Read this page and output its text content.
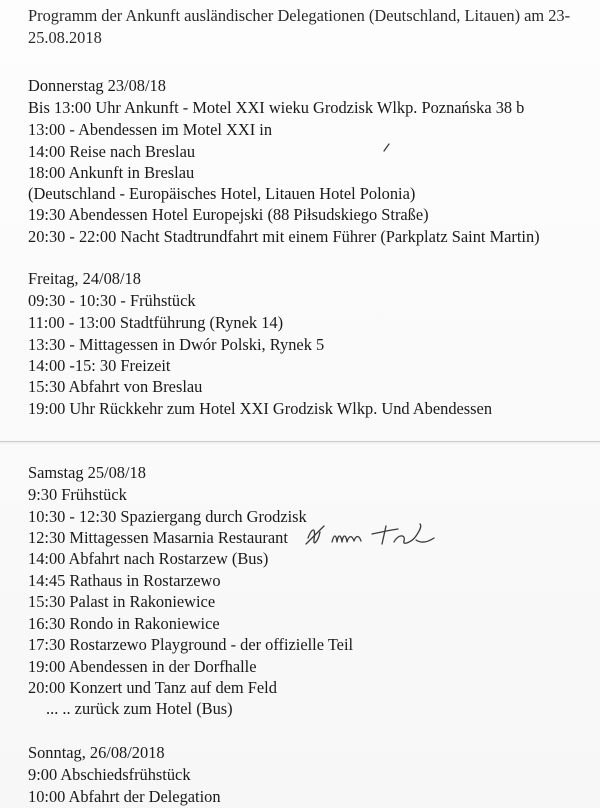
Programm der Ankunft ausländischer Delegationen (Deutschland, Litauen) am 23-25.08.2018
Donnerstag 23/08/18
Bis 13:00 Uhr Ankunft - Motel XXI wieku Grodzisk Wlkp. Poznańska 38 b
13:00 - Abendessen im Motel XXI in
14:00 Reise nach Breslau
18:00 Ankunft in Breslau
(Deutschland - Europäisches Hotel, Litauen Hotel Polonia)
19:30 Abendessen Hotel Europejski (88 Piłsudskiego Straße)
20:30 - 22:00 Nacht Stadtrundfahrt mit einem Führer (Parkplatz Saint Martin)
Freitag, 24/08/18
09:30 - 10:30 - Frühstück
11:00 - 13:00 Stadtführung (Rynek 14)
13:30 - Mittagessen in Dwór Polski, Rynek 5
14:00 -15: 30 Freizeit
15:30 Abfahrt von Breslau
19:00 Uhr Rückkehr zum Hotel XXI Grodzisk Wlkp. Und Abendessen
Samstag 25/08/18
9:30 Frühstück
10:30 - 12:30 Spaziergang durch Grodzisk
12:30 Mittagessen Masarnia Restaurant
14:00 Abfahrt nach Rostarzew (Bus)
14:45 Rathaus in Rostarzewo
15:30 Palast in Rakoniewice
16:30 Rondo in Rakoniewice
17:30 Rostarzewo Playground - der offizielle Teil
19:00 Abendessen in der Dorfhalle
20:00 Konzert und Tanz auf dem Feld
... .. zurück zum Hotel (Bus)
Sonntag, 26/08/2018
9:00 Abschiedsfrühstück
10:00 Abfahrt der Delegation
